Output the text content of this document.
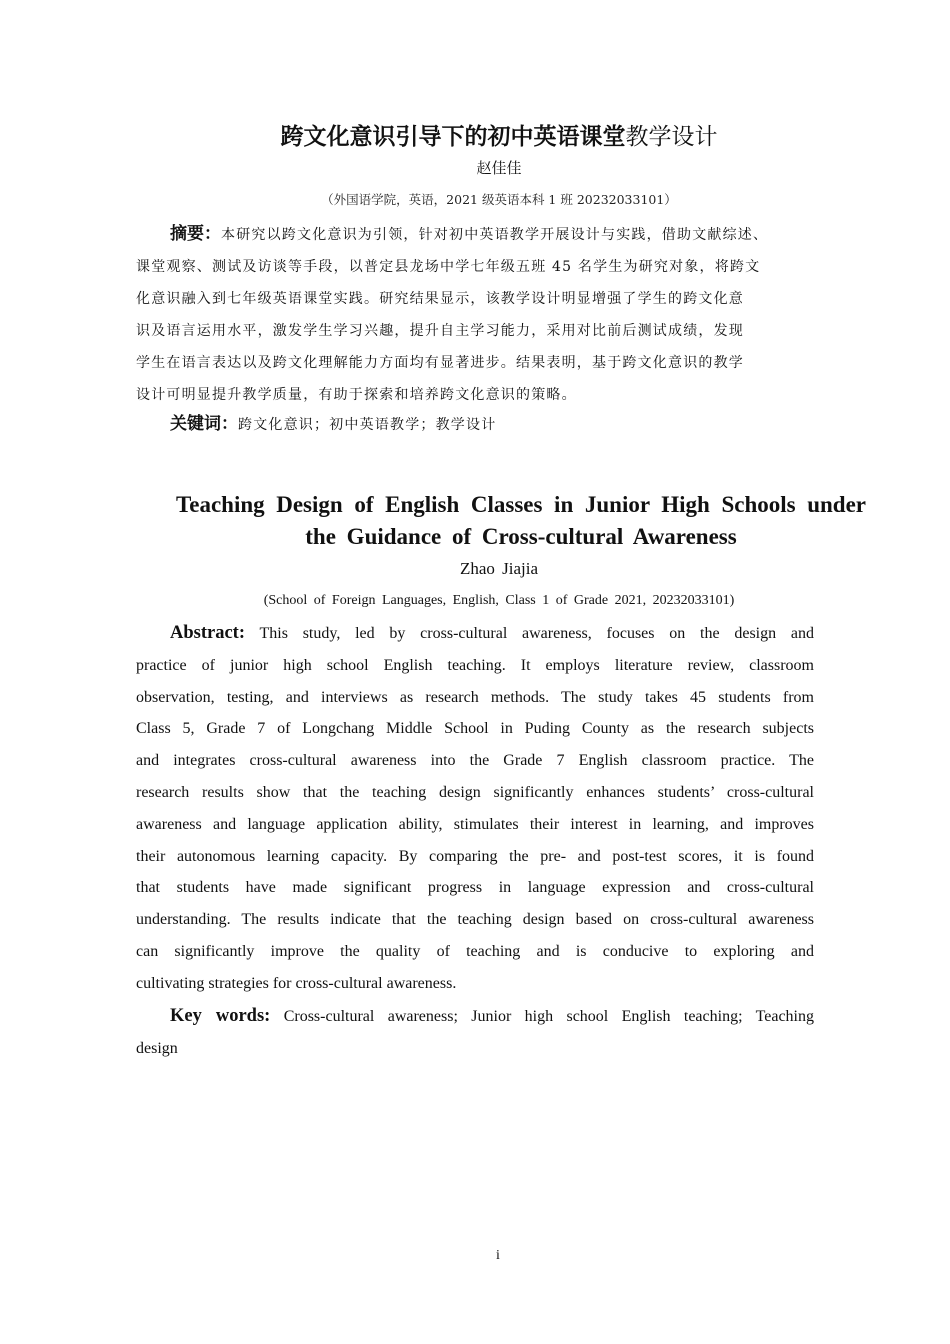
跨文化意识引导下的初中英语课堂教学设计
赵佳佳
（外国语学院，英语，2021 级英语本科 1 班 20232033101）
摘要：本研究以跨文化意识为引领，针对初中英语教学开展设计与实践，借助文献综述、
课堂观察、测试及访谈等手段，以普定县龙场中学七年级五班 45 名学生为研究对象，将跨文
化意识融入到七年级英语课堂实践。研究结果显示，该教学设计明显增强了学生的跨文化意
识及语言运用水平，激发学生学习兴趣，提升自主学习能力，采用对比前后测试成绩，发现
学生在语言表达以及跨文化理解能力方面均有显著进步。结果表明，基于跨文化意识的教学
设计可明显提升教学质量，有助于探索和培养跨文化意识的策略。
关键词：跨文化意识；初中英语教学；教学设计
Teaching Design of English Classes in Junior High Schools under
the Guidance of Cross-cultural Awareness
Zhao Jiajia
(School of Foreign Languages, English, Class 1 of Grade 2021, 20232033101)
Abstract: This study, led by cross-cultural awareness, focuses on the design and
practice of junior high school English teaching. It employs literature review, classroom
observation, testing, and interviews as research methods. The study takes 45 students from
Class 5, Grade 7 of Longchang Middle School in Puding County as the research subjects
and integrates cross-cultural awareness into the Grade 7 English classroom practice. The
research results show that the teaching design significantly enhances students’ cross-cultural
awareness and language application ability, stimulates their interest in learning, and improves
their autonomous learning capacity. By comparing the pre- and post-test scores, it is found
that students have made significant progress in language expression and cross-cultural
understanding. The results indicate that the teaching design based on cross-cultural awareness
can significantly improve the quality of teaching and is conducive to exploring and
cultivating strategies for cross-cultural awareness.
Key words: Cross-cultural awareness; Junior high school English teaching; Teaching
design
i
